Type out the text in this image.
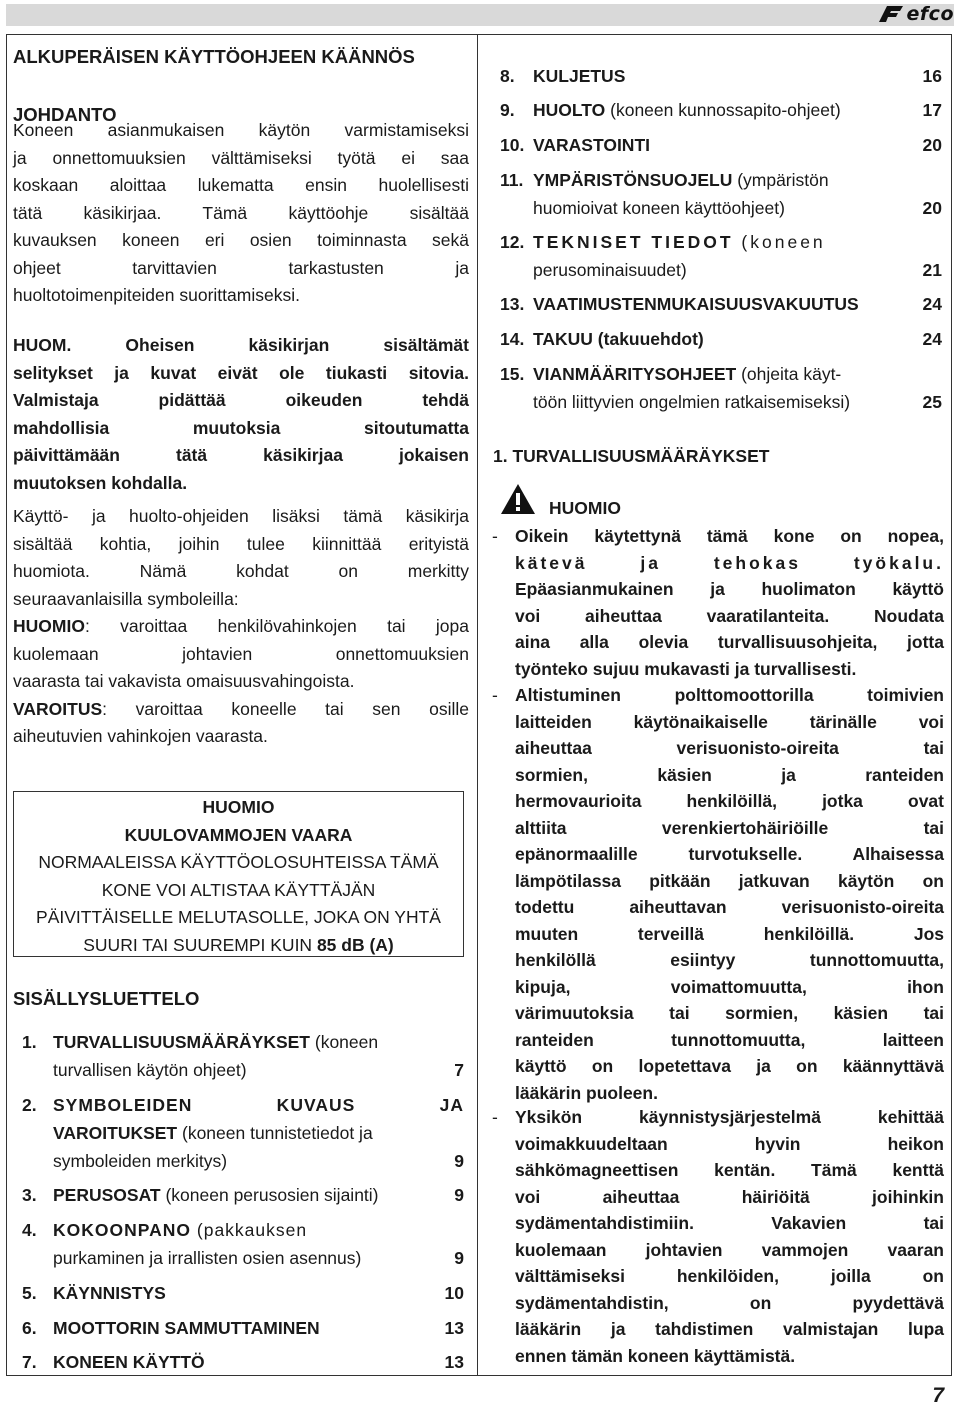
efco

ALKUPERÄISEN KÄYTTÖOHJEEN KÄÄNNÖS

JOHDANTO

Koneen asianmukaisen käytön varmistamiseksi

ja onnettomuuksien välttämiseksi työtä ei saa

koskaan aloittaa lukematta ensin huolellisesti

tätä käsikirjaa. Tämä käyttöohje sisältää

kuvauksen koneen eri osien toiminnasta sekä

ohjeet tarvittavien tarkastusten ja

huoltotoimenpiteiden suorittamiseksi.

HUOM. Oheisen käsikirjan sisältämät

selitykset ja kuvat eivät ole tiukasti sitovia.

Valmistaja pidättää oikeuden tehdä

mahdollisia muutoksia sitoutumatta

päivittämään tätä käsikirjaa jokaisen

muutoksen kohdalla.

Käyttö- ja huolto-ohjeiden lisäksi tämä käsikirja

sisältää kohtia, joihin tulee kiinnittää erityistä

huomiota. Nämä kohdat on merkitty

seuraavanlaisilla symboleilla:

HUOMIO: varoittaa henkilövahinkojen tai jopa

kuolemaan johtavien onnettomuuksien

vaarasta tai vakavista omaisuusvahingoista.

VAROITUS: varoittaa koneelle tai sen osille

aiheutuvien vahinkojen vaarasta.

HUOMIO

KUULOVAMMOJEN VAARA

NORMAALEISSA KÄYTTÖOLOSUHTEISSA TÄMÄ

KONE VOI ALTISTAA KÄYTTÄJÄN

PÄIVITTÄISELLE MELUTASOLLE, JOKA ON YHTÄ

SUURI TAI SUUREMPI KUIN 85 dB (A)

SISÄLLYSLUETTELO

1. TURVALLISUUSMÄÄRÄYKSET (koneen
turvallisen käytön ohjeet)	7
2. SYMBOLEIDEN KUVAUS JA
VAROITUKSET (koneen tunnistetiedot ja
symboleiden merkitys)	9
3. PERUSOSAT (koneen perusosien sijainti)	9
4. KOKOONPANO (pakkauksen
purkaminen ja irrallisten osien asennus)	9
5. KÄYNNISTYS	10
6. MOOTTORIN SAMMUTTAMINEN	13
7. KONEEN KÄYTTÖ	13
8. KULJETUS	16
9. HUOLTO (koneen kunnossapito-ohjeet)	17
10. VARASTOINTI	20
11. YMPÄRISTÖNSUOJELU (ympäristön
huomioivat koneen käyttöohjeet)	20
12. TEKNISET TIEDOT (koneen
perusominaisuudet)	21
13. VAATIMUSTENMUKAISUUSVAKUUTUS	24
14. TAKUU (takuuehdot)	24
15. VIANMÄÄRITYSOHJEET (ohjeita käyt-
töön liittyvien ongelmien ratkaisemiseksi)	25

1. TURVALLISUUSMÄÄRÄYKSET

HUOMIO

- Oikein käytettynä tämä kone on nopea,
kätevä ja tehokas työkalu.
Epäasianmukainen ja huolimaton käyttö
voi aiheuttaa vaaratilanteita. Noudata
aina alla olevia turvallisuusohjeita, jotta
työnteko sujuu mukavasti ja turvallisesti.
- Altistuminen polttomoottorilla toimivien
laitteiden käytönaikaiselle tärinälle voi
aiheuttaa verisuonisto-oireita tai
sormien, käsien ja ranteiden
hermovaurioita henkilöillä, jotka ovat
alttiita verenkiertohäiriöille tai
epänormaalille turvotukselle. Alhaisessa
lämpötilassa pitkään jatkuvan käytön on
todettu aiheuttavan verisuonisto-oireita
muuten terveillä henkilöillä. Jos
henkilöllä esiintyy tunnottomuutta,
kipuja, voimattomuutta, ihon
värimuutoksia tai sormien, käsien tai
ranteiden tunnottomuutta, laitteen
käyttö on lopetettava ja on käännyttävä
lääkärin puoleen.
- Yksikön käynnistysjärjestelmä kehittää
voimakkuudeltaan hyvin heikon
sähkömagneettisen kentän. Tämä kenttä
voi aiheuttaa häiriöitä joihinkin
sydämentahdistimiin. Vakavien tai
kuolemaan johtavien vammojen vaaran
välttämiseksi henkilöiden, joilla on
sydämentahdistin, on pyydettävä
lääkärin ja tahdistimen valmistajan lupa
ennen tämän koneen käyttämistä.

7
